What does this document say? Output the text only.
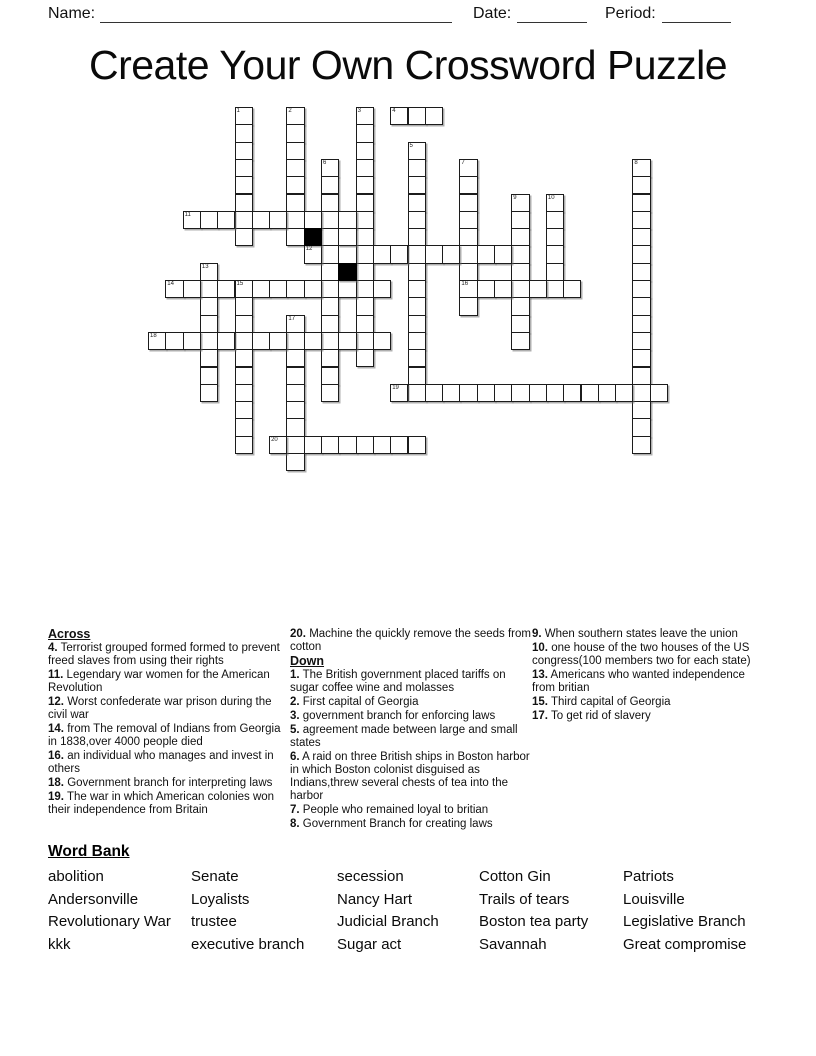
Name:	Date:	Period:
Create Your Own Crossword Puzzle
1	2	3	4
5
6	7
16
8
9	10
11
12
13
14	15
17
18
19
20

Across

4. Terrorist grouped formed formed to prevent freed slaves from using their rights

11. Legendary war women for the American Revolution

12. Worst confederate war prison during the civil war

14. from The removal of Indians from Georgia in 1838,over 4000 people died

16. an individual who manages and invest in others

18. Government branch for interpreting laws

19. The war in which American colonies won their independence from Britain

20. Machine the quickly remove the seeds from cotton

Down

1. The British government placed tariffs on sugar coffee wine and molasses

2. First capital of Georgia

3. government branch for enforcing laws

5. agreement made between large and small states

6. A raid on three British ships in Boston harbor in which Boston colonist disguised as Indians,threw several chests of tea into the harbor

7. People who remained loyal to britian

8. Government Branch for creating laws

9. When southern states leave the union

10. one house of the two houses of the US congress(100 members two for each state)

13. Americans who wanted independence from britian

15. Third capital of Georgia

17. To get rid of slavery

Word Bank
abolition	Senate	secession	Cotton Gin	Patriots
Andersonville	Loyalists	Nancy Hart	Trails of tears	Louisville
Revolutionary War	trustee	Judicial Branch	Boston tea party	Legislative Branch
kkk	executive branch	Sugar act	Savannah	Great compromise
